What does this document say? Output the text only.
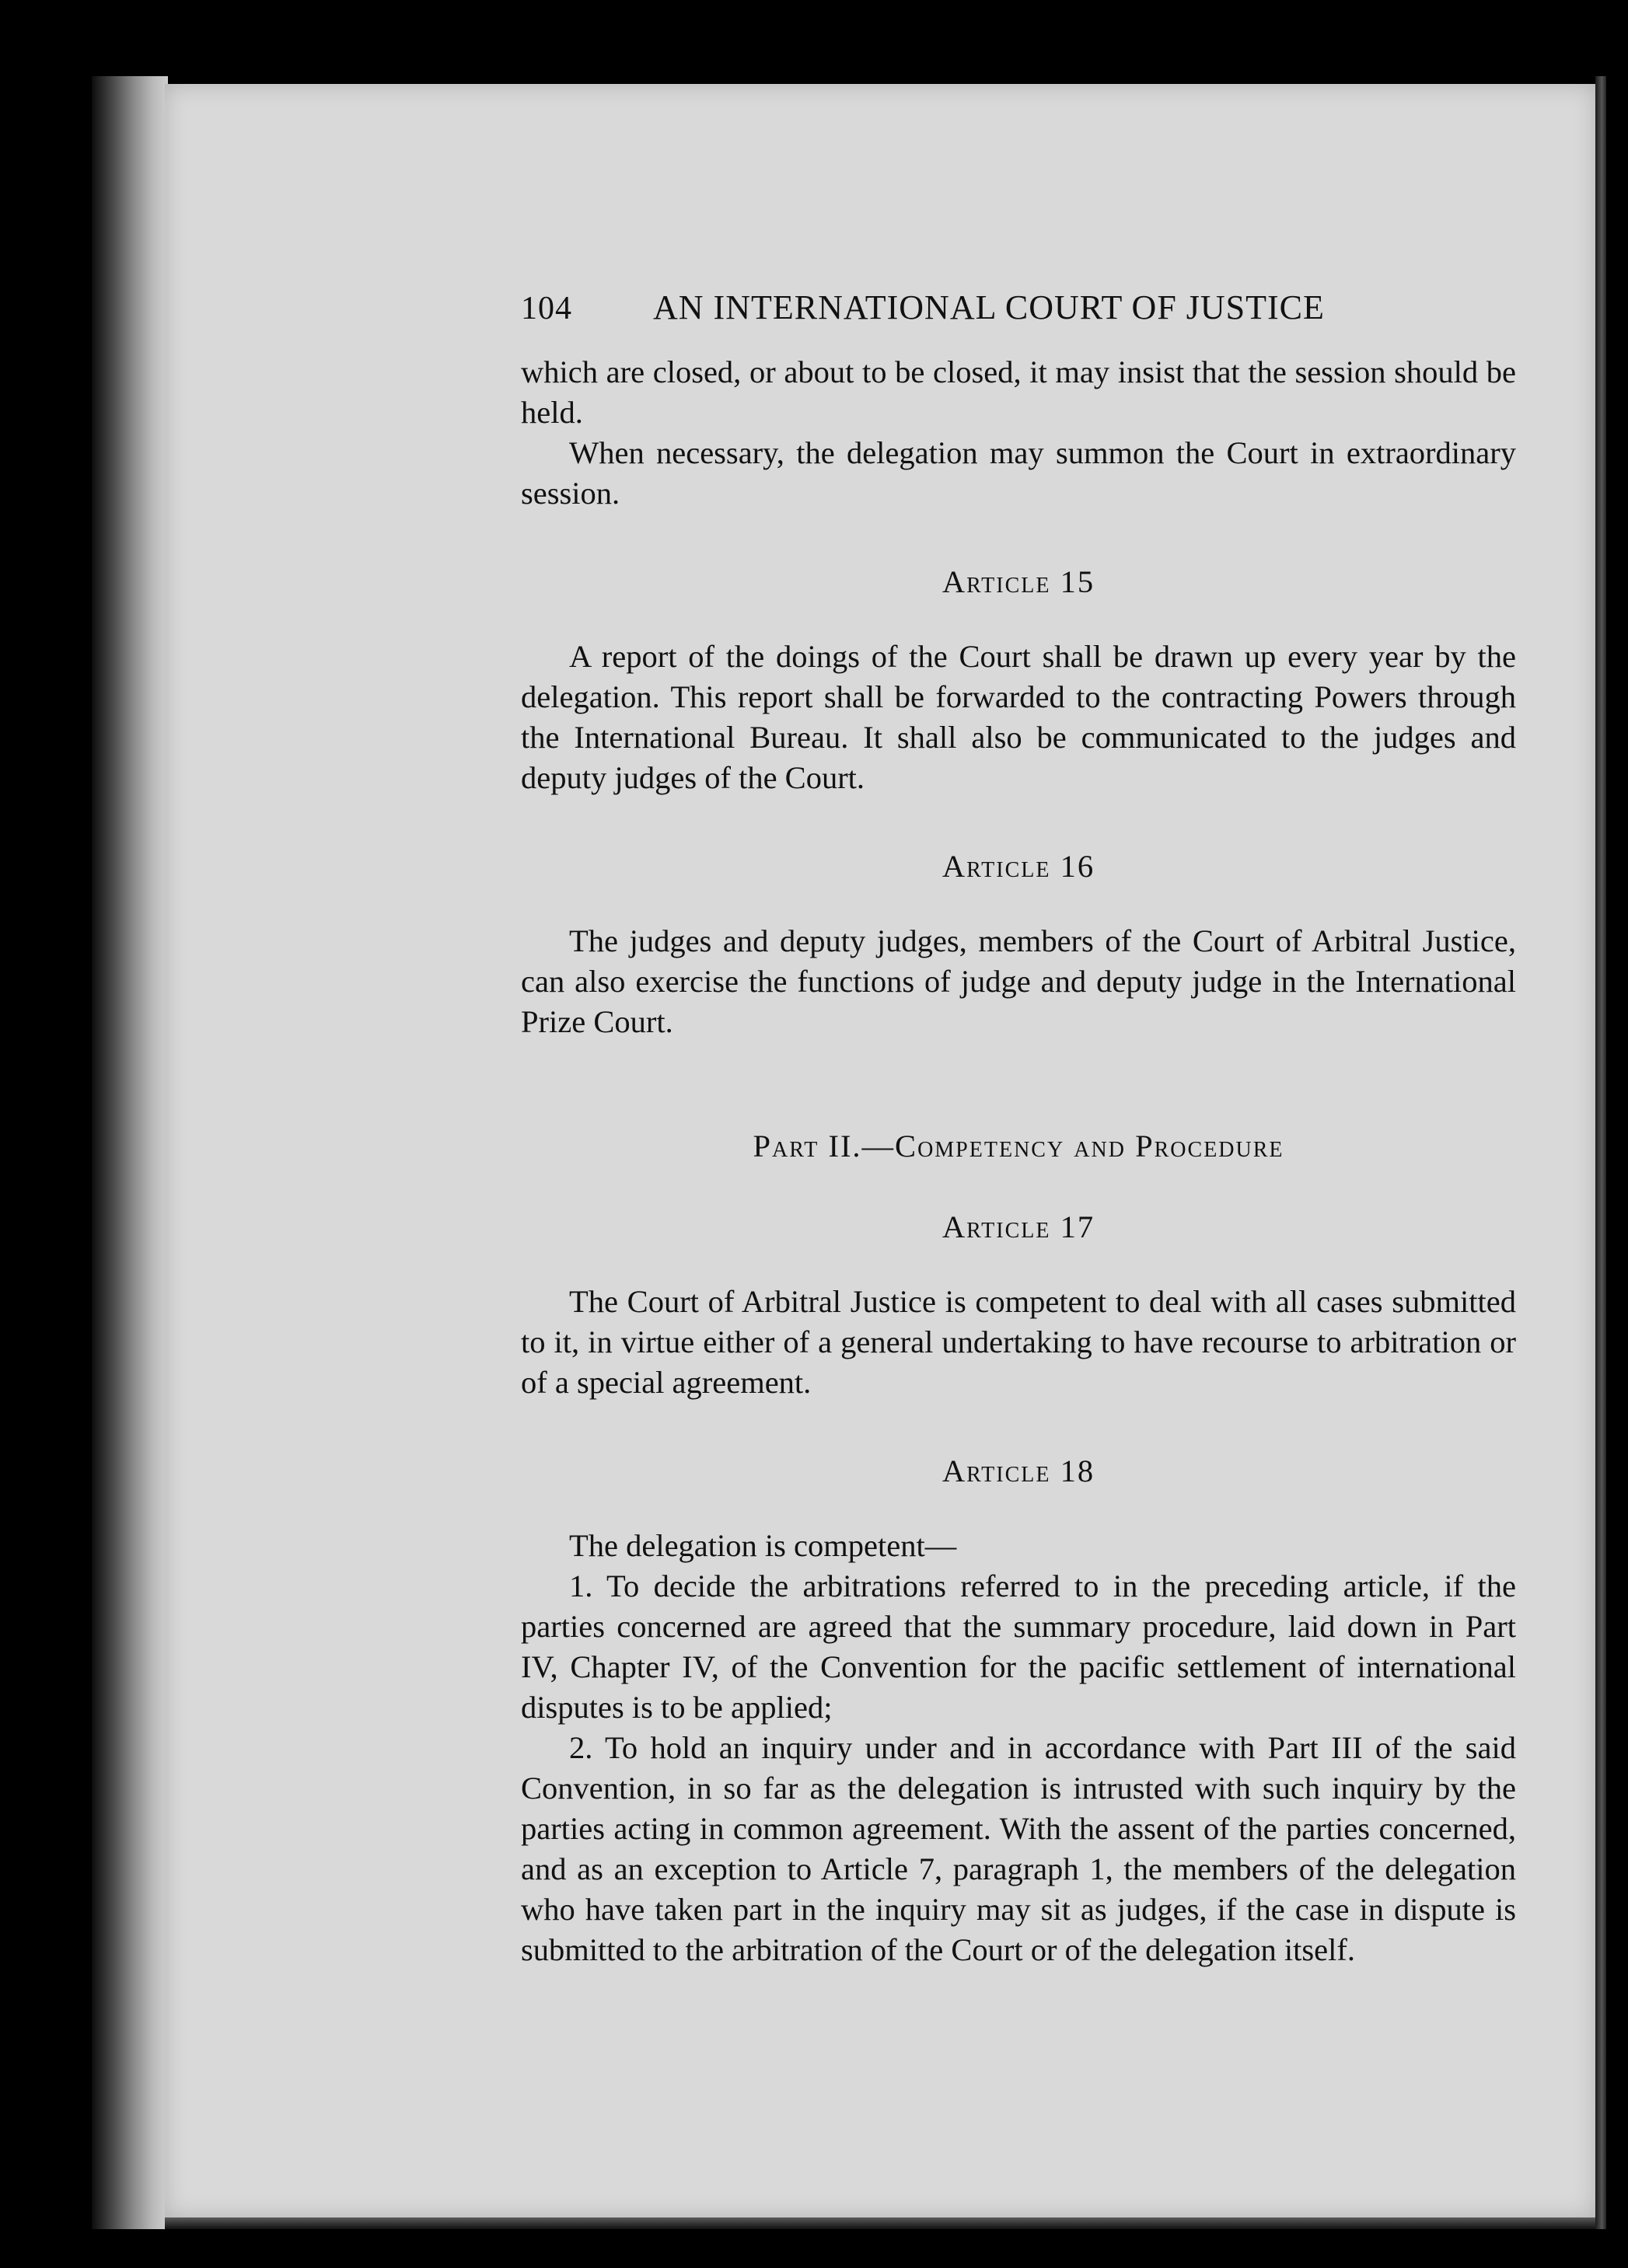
104	AN INTERNATIONAL COURT OF JUSTICE

which are closed, or about to be closed, it may insist that the session should be held.

When necessary, the delegation may summon the Court in extraordinary session.

Article 15

A report of the doings of the Court shall be drawn up every year by the delegation. This report shall be forwarded to the contracting Powers through the International Bureau. It shall also be communicated to the judges and deputy judges of the Court.

Article 16

The judges and deputy judges, members of the Court of Arbitral Justice, can also exercise the functions of judge and deputy judge in the International Prize Court.

Part II.—Competency and Procedure
Article 17

The Court of Arbitral Justice is competent to deal with all cases submitted to it, in virtue either of a general undertaking to have recourse to arbitration or of a special agreement.

Article 18

The delegation is competent—

1. To decide the arbitrations referred to in the preceding article, if the parties concerned are agreed that the summary procedure, laid down in Part IV, Chapter IV, of the Convention for the pacific settlement of international disputes is to be applied;

2. To hold an inquiry under and in accordance with Part III of the said Convention, in so far as the delegation is intrusted with such inquiry by the parties acting in common agreement. With the assent of the parties concerned, and as an exception to Article 7, paragraph 1, the members of the delegation who have taken part in the inquiry may sit as judges, if the case in dispute is submitted to the arbitration of the Court or of the delegation itself.
